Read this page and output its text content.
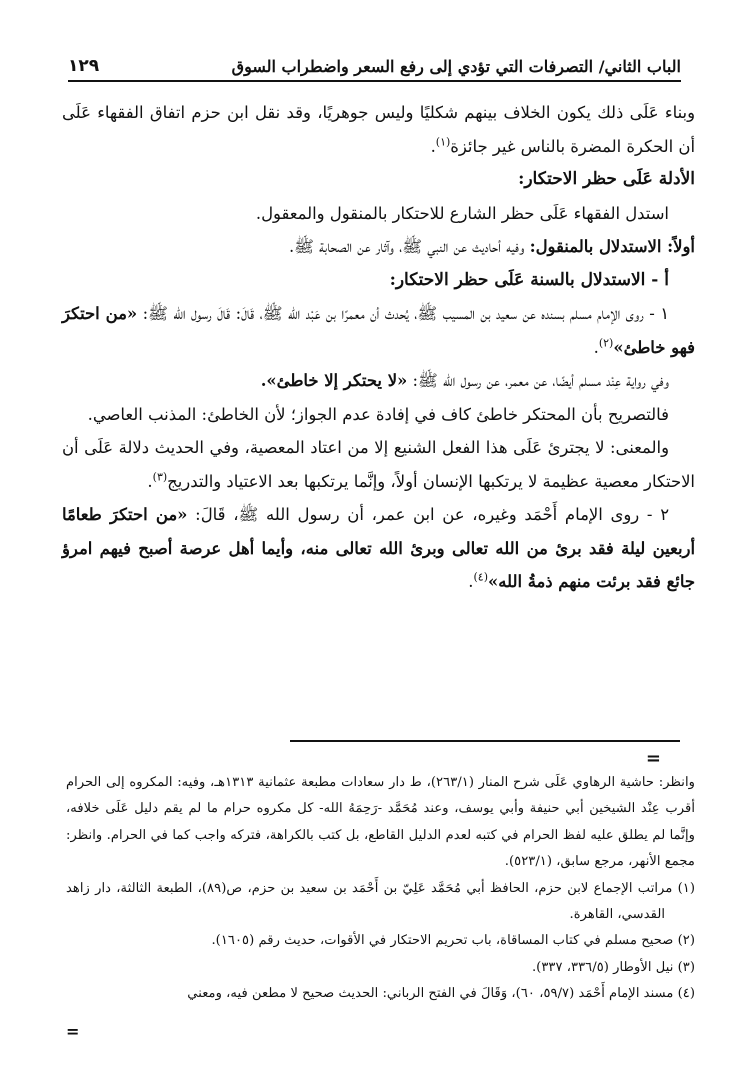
الباب الثاني/ التصرفات التي تؤدي إلى رفع السعر واضطراب السوق
١٢٩

وبناء عَلَى ذلك يكون الخلاف بينهم شكليًا وليس جوهريًا، وقد نقل ابن حزم اتفاق الفقهاء عَلَى أن الحكرة المضرة بالناس غير جائزة$^{(١)}$.

الأدلة عَلَى حظر الاحتكار:

استدل الفقهاء عَلَى حظر الشارع للاحتكار بالمنقول والمعقول.

أولاً: الاستدلال بالمنقول: وفيه أحاديث عن النبي ﷺ، وآثار عن الصحابة ﷺ.

أ - الاستدلال بالسنة عَلَى حظر الاحتكار:

١ - روى الإمام مسلم بسنده عن سعيد بن المسيب ﷺ، يُحدث أن معمرًا بن عَبْد الله ﷺ، قَالَ: قَالَ رسول الله ﷺ: «من احتكرَ فهو خاطئ»$^{(٢)}$.

وفي رواية عِنْد مسلم أيضًا، عن معمر، عن رسول الله ﷺ: «لا يحتكر إلا خاطئ».

فالتصريح بأن المحتكر خاطئ كاف في إفادة عدم الجواز؛ لأن الخاطئ: المذنب العاصي.

والمعنى: لا يجترئ عَلَى هذا الفعل الشنيع إلا من اعتاد المعصية، وفي الحديث دلالة عَلَى أن الاحتكار معصية عظيمة لا يرتكبها الإنسان أولاً، وإنَّما يرتكبها بعد الاعتياد والتدريج$^{(٣)}$.

٢ - روى الإمام أَحْمَد وغيره، عن ابن عمر، أن رسول الله ﷺ، قَالَ: «من احتكرَ طعامًا أربعين ليلة فقد برئ من الله تعالى وبرئ الله تعالى منه، وأيما أهل عرصة أصبح فيهم امرؤ جائع فقد برئت منهم ذمةُ الله»$^{(٤)}$.

=

وانظر: حاشية الرهاوي عَلَى شرح المنار (٢٦٣/١)، ط دار سعادات مطبعة عثمانية ١٣١٣هـ، وفيه: المكروه إلى الحرام أقرب عِنْد الشيخين أبي حنيفة وأبي يوسف، وعند مُحَمَّد -رَحِمَهُ الله- كل مكروه حرام ما لم يقم دليل عَلَى خلافه، وإنَّما لم يطلق عليه لفظ الحرام في كتبه لعدم الدليل القاطع، بل كتب بالكراهة، فتركه واجب كما في الحرام. وانظر: مجمع الأنهر، مرجع سابق، (٥٢٣/١).

(١) مراتب الإجماع لابن حزم، الحافظ أبي مُحَمَّد عَلِيّ بن أَحْمَد بن سعيد بن حزم، ص(٨٩)، الطبعة الثالثة، دار زاهد القدسي، القاهرة.

(٢) صحيح مسلم في كتاب المساقاة، باب تحريم الاحتكار في الأقوات، حديث رقم (١٦٠٥).

(٣) نيل الأوطار (٣٣٦/٥، ٣٣٧).

(٤) مسند الإمام أَحْمَد (٥٩/٧، ٦٠)، وَقَالَ في الفتح الرباني: الحديث صحيح لا مطعن فيه، ومعني

=
